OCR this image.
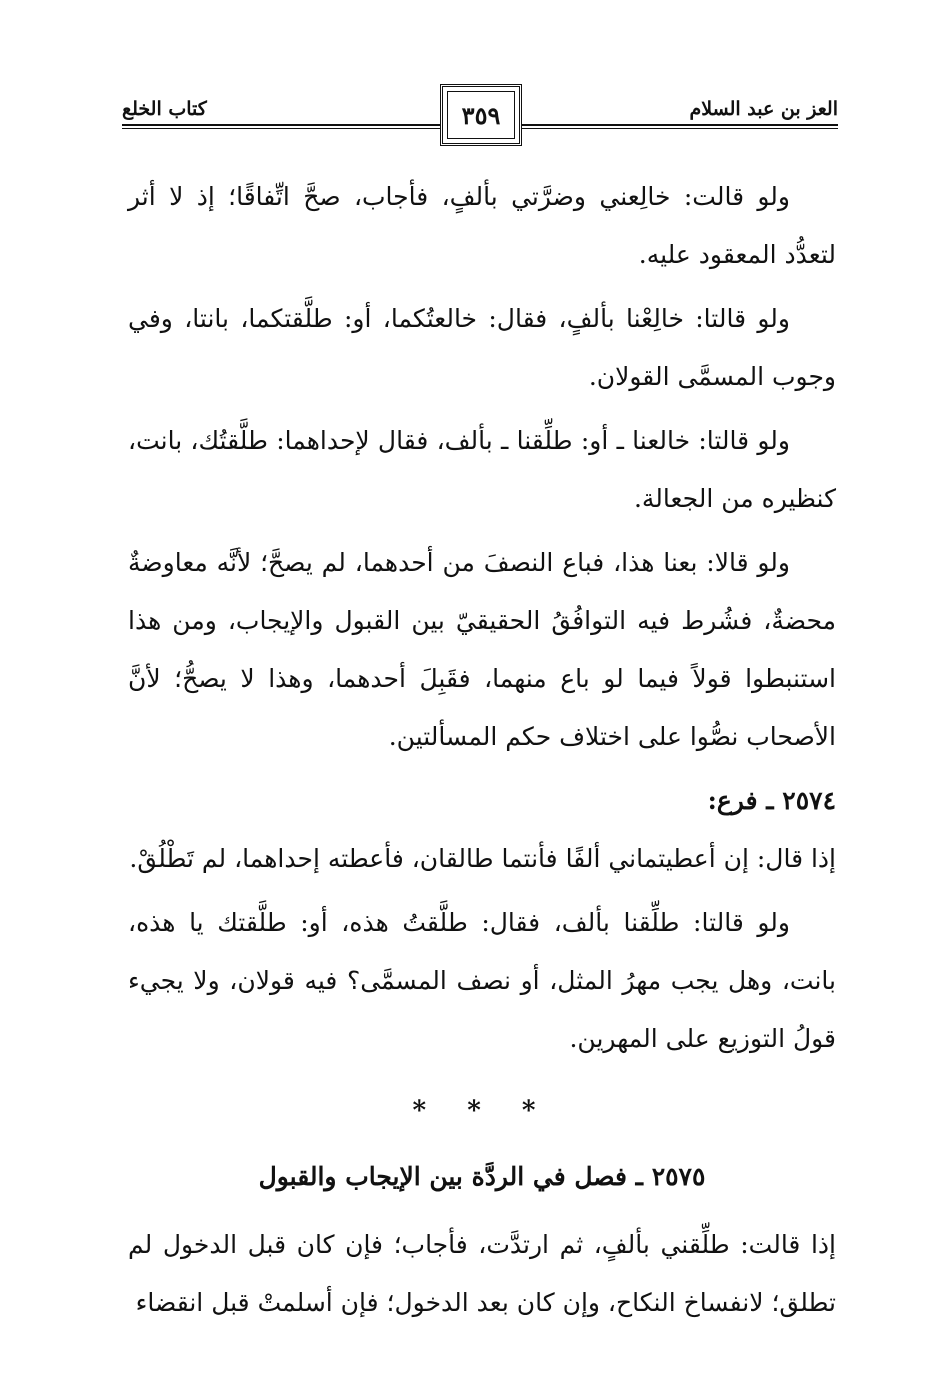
العز بن عبد السلام
كتاب الخلع	٣٥٩

ولو قالت: خالِعني وضرَّتي بألفٍ، فأجاب، صحَّ اتِّفاقًا؛ إذ لا أثر لتعدُّد المعقود عليه.

ولو قالتا: خالِعْنا بألفٍ، فقال: خالعتُكما، أو: طلَّقتكما، بانتا، وفي وجوب المسمَّى القولان.

ولو قالتا: خالعنا ـ أو: طلِّقنا ـ بألف، فقال لإحداهما: طلَّقتُك، بانت، كنظيره من الجعالة.

ولو قالا: بعنا هذا، فباع النصفَ من أحدهما، لم يصحَّ؛ لأنَّه معاوضةٌ محضةٌ، فشُرط فيه التوافُقُ الحقيقيّ بين القبول والإيجاب، ومن هذا استنبطوا قولاً فيما لو باع منهما، فقَبِلَ أحدهما، وهذا لا يصحُّ؛ لأنَّ الأصحاب نصُّوا على اختلاف حكم المسألتين.

٢٥٧٤ ـ فرع:

إذا قال: إن أعطيتماني ألفًا فأنتما طالقان، فأعطته إحداهما، لم تَطْلُقْ.

ولو قالتا: طلِّقنا بألف، فقال: طلَّقتُ هذه، أو: طلَّقتك يا هذه، بانت، وهل يجب مهرُ المثل، أو نصف المسمَّى؟ فيه قولان، ولا يجيء قولُ التوزيع على المهرين.

* * *

٢٥٧٥ ـ فصل في الردَّة بين الإيجاب والقبول

إذا قالت: طلِّقني بألفٍ، ثم ارتدَّت، فأجاب؛ فإن كان قبل الدخول لم تطلق؛ لانفساخ النكاح، وإن كان بعد الدخول؛ فإن أسلمتْ قبل انقضاء
